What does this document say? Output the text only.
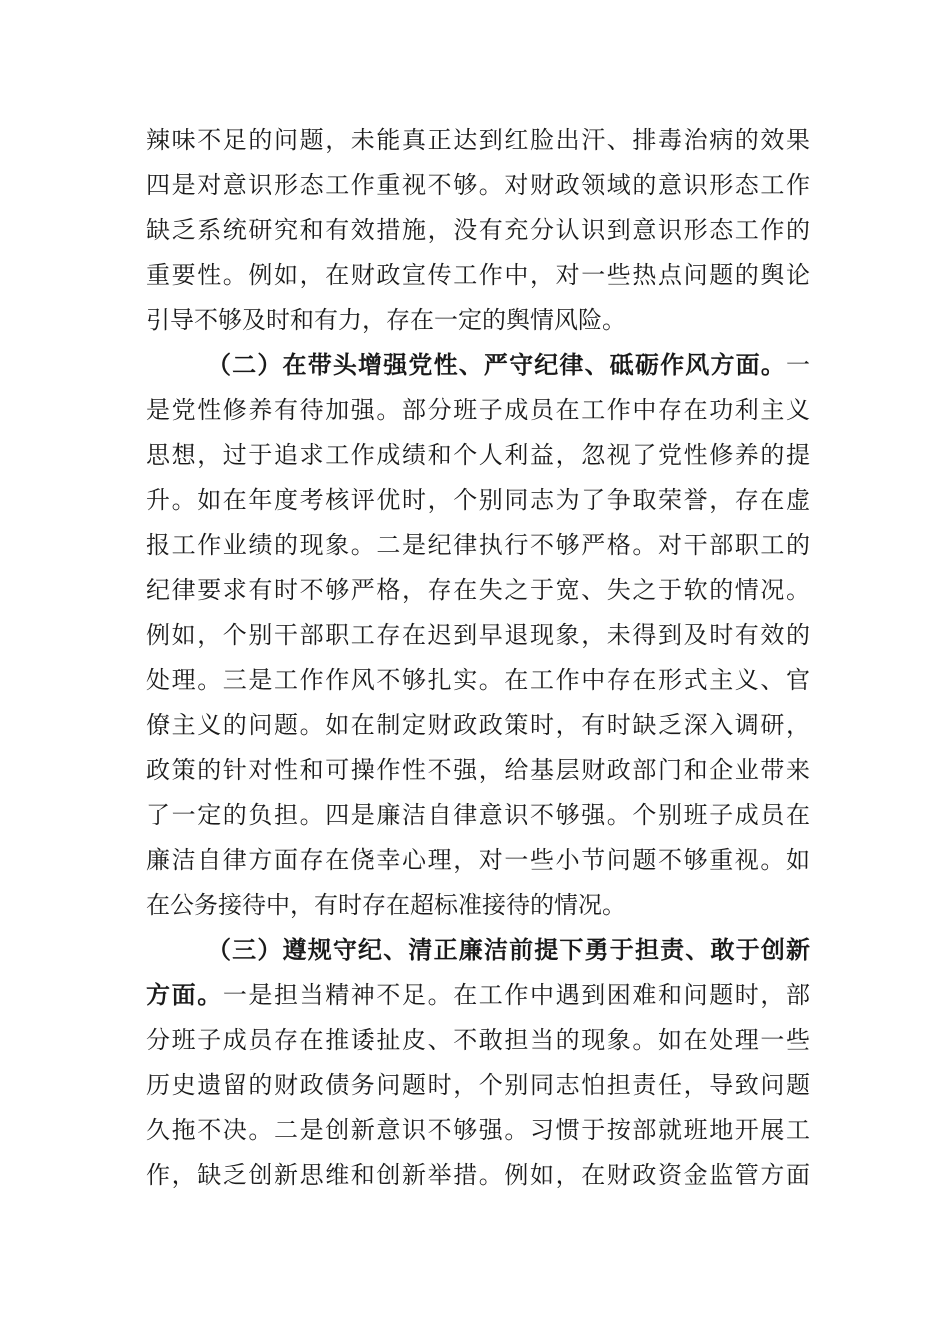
辣味不足的问题，未能真正达到红脸出汗、排毒治病的效果
四是对意识形态工作重视不够。对财政领域的意识形态工作
缺乏系统研究和有效措施，没有充分认识到意识形态工作的
重要性。例如，在财政宣传工作中，对一些热点问题的舆论
引导不够及时和有力，存在一定的舆情风险。
（二）在带头增强党性、严守纪律、砥砺作风方面。一
是党性修养有待加强。部分班子成员在工作中存在功利主义
思想，过于追求工作成绩和个人利益，忽视了党性修养的提
升。如在年度考核评优时，个别同志为了争取荣誉，存在虚
报工作业绩的现象。二是纪律执行不够严格。对干部职工的
纪律要求有时不够严格，存在失之于宽、失之于软的情况。
例如，个别干部职工存在迟到早退现象，未得到及时有效的
处理。三是工作作风不够扎实。在工作中存在形式主义、官
僚主义的问题。如在制定财政政策时，有时缺乏深入调研，
政策的针对性和可操作性不强，给基层财政部门和企业带来
了一定的负担。四是廉洁自律意识不够强。个别班子成员在
廉洁自律方面存在侥幸心理，对一些小节问题不够重视。如
在公务接待中，有时存在超标准接待的情况。
（三）遵规守纪、清正廉洁前提下勇于担责、敢于创新
方面。一是担当精神不足。在工作中遇到困难和问题时，部
分班子成员存在推诿扯皮、不敢担当的现象。如在处理一些
历史遗留的财政债务问题时，个别同志怕担责任，导致问题
久拖不决。二是创新意识不够强。习惯于按部就班地开展工
作，缺乏创新思维和创新举措。例如，在财政资金监管方面
